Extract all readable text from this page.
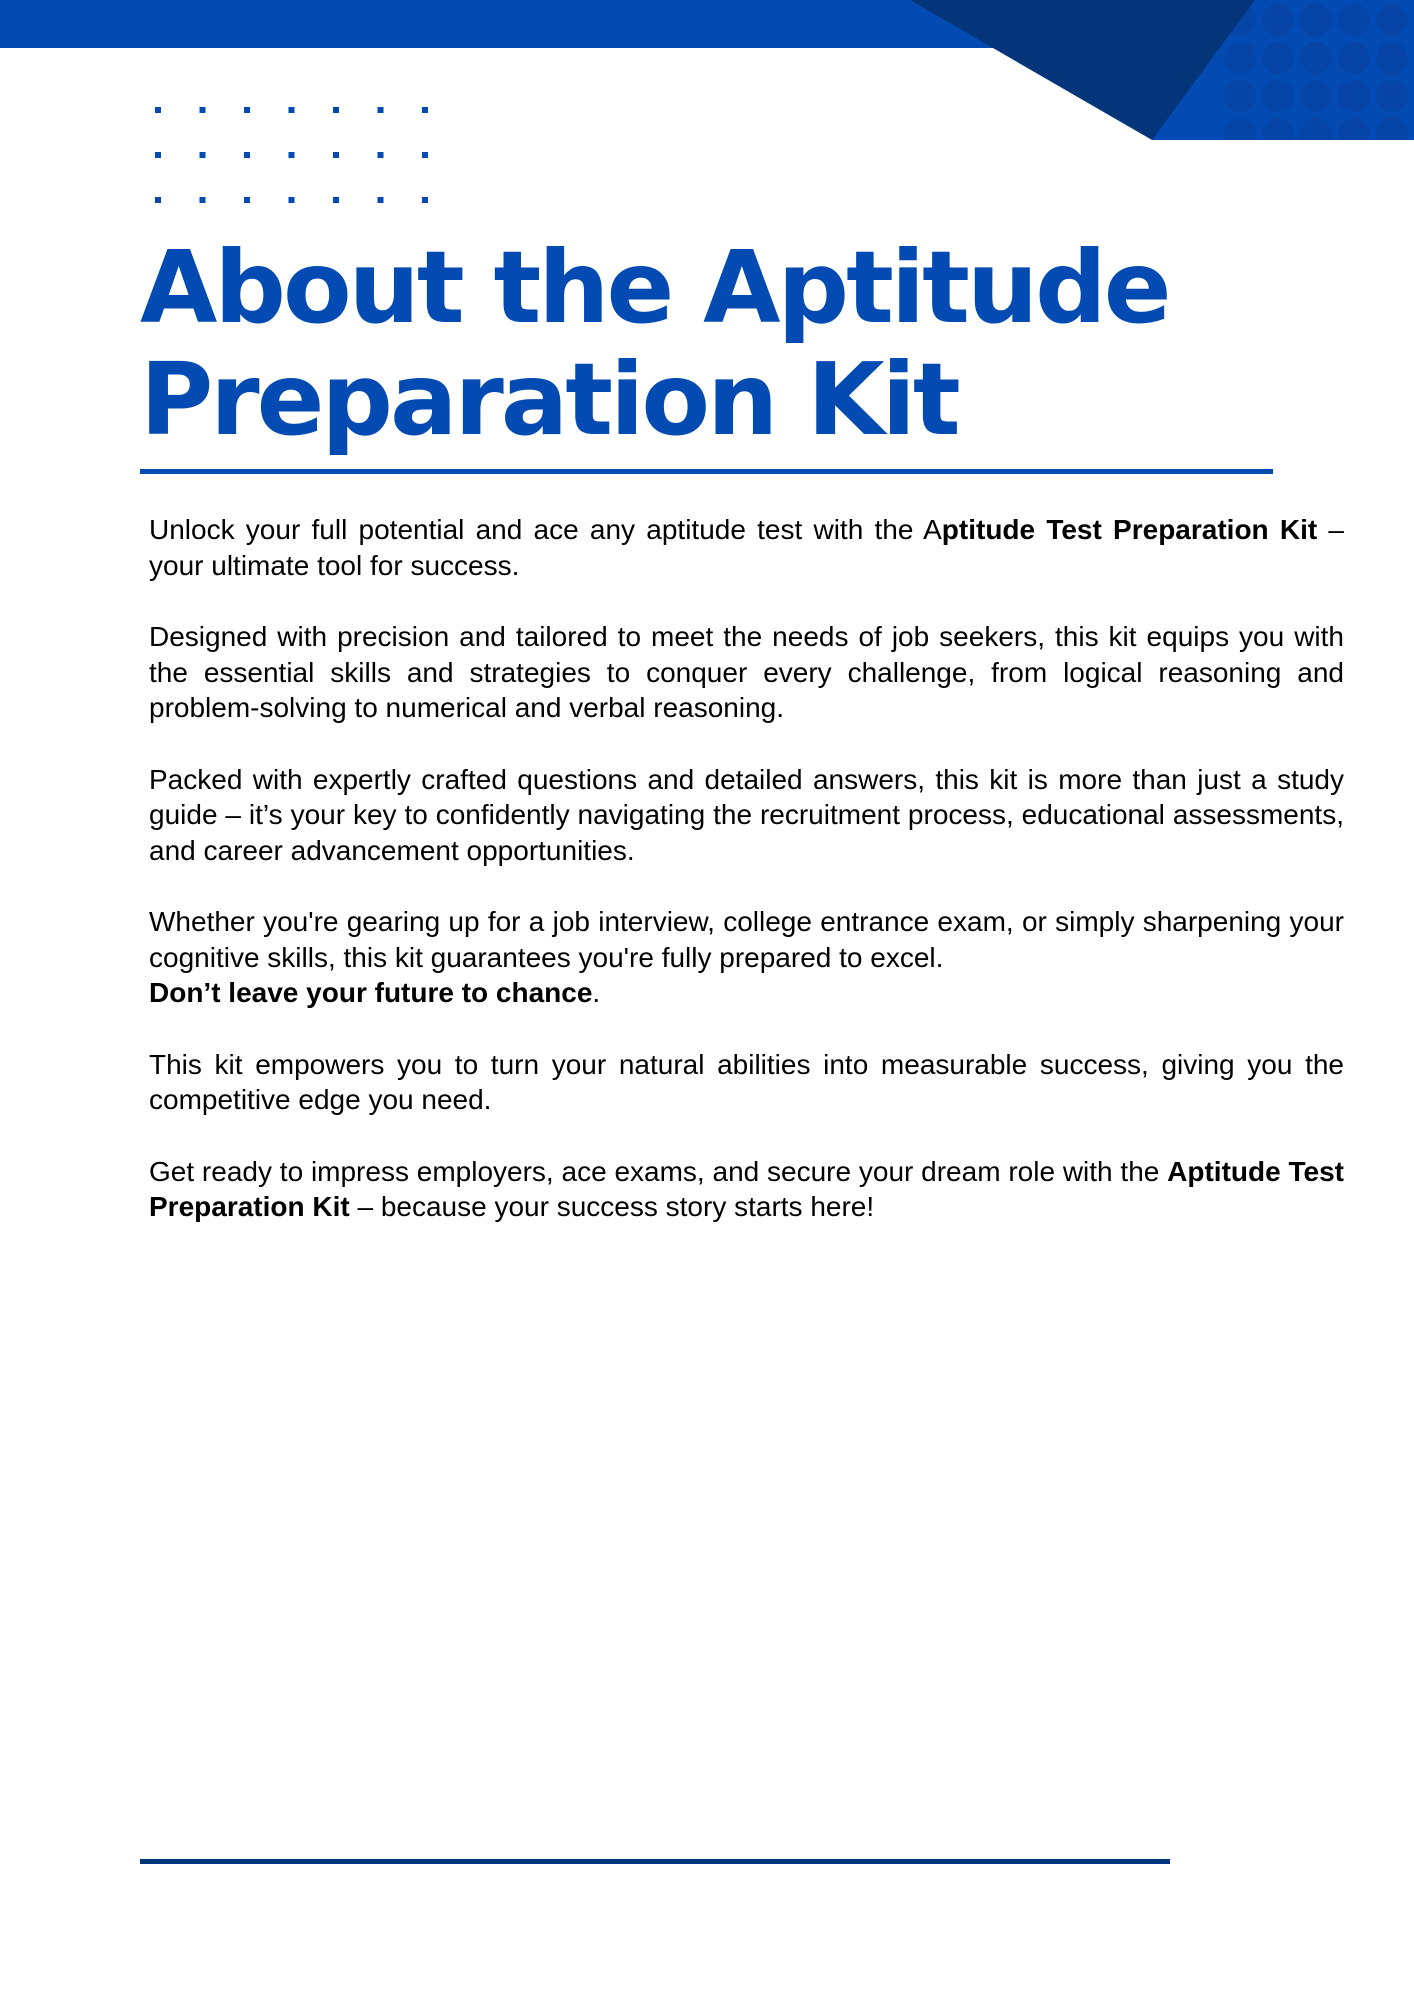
About the Aptitude
Preparation Kit

Unlock your full potential and ace any aptitude test with the Aptitude Test Preparation Kit – your ultimate tool for success.

Designed with precision and tailored to meet the needs of job seekers, this kit equips you with the essential skills and strategies to conquer every challenge, from logical reasoning and problem-solving to numerical and verbal reasoning.

Packed with expertly crafted questions and detailed answers, this kit is more than just a study guide – it’s your key to confidently navigating the recruitment process, educational assessments, and career advancement opportunities.

Whether you're gearing up for a job interview, college entrance exam, or simply sharpening your cognitive skills, this kit guarantees you're fully prepared to excel.
Don’t leave your future to chance.

This kit empowers you to turn your natural abilities into measurable success, giving you the competitive edge you need.

Get ready to impress employers, ace exams, and secure your dream role with the Aptitude Test Preparation Kit – because your success story starts here!
